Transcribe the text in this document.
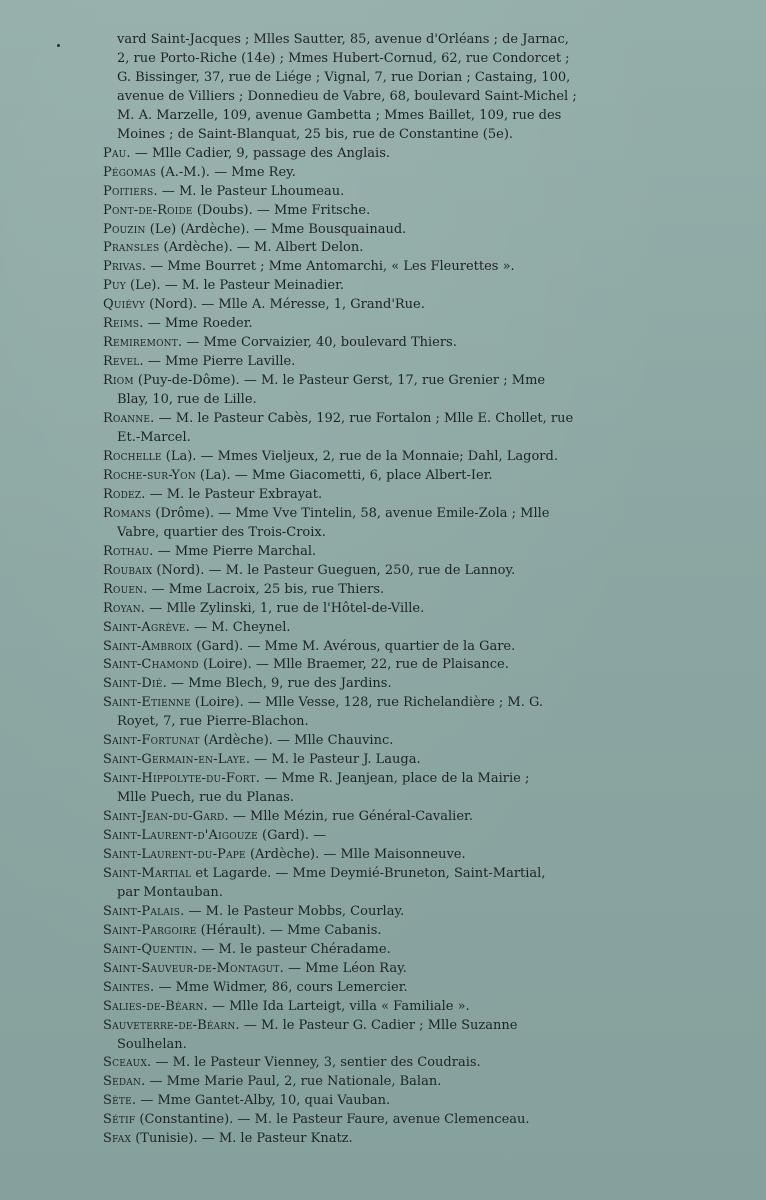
vard Saint-Jacques ; Mlles Sautter, 85, avenue d'Orléans ; de Jarnac,
2, rue Porto-Riche (14e) ; Mmes Hubert-Cornud, 62, rue Condorcet ;
G. Bissinger, 37, rue de Liége ; Vignal, 7, rue Dorian ; Castaing, 100,
avenue de Villiers ; Donnedieu de Vabre, 68, boulevard Saint-Michel ;
M. A. Marzelle, 109, avenue Gambetta ; Mmes Baillet, 109, rue des
Moines ; de Saint-Blanquat, 25 bis, rue de Constantine (5e).
Pau. — Mlle Cadier, 9, passage des Anglais.
Pégomas (A.-M.). — Mme Rey.
Poitiers. — M. le Pasteur Lhoumeau.
Pont-de-Roide (Doubs). — Mme Fritsche.
Pouzin (Le) (Ardèche). — Mme Bousquainaud.
Pransles (Ardèche). — M. Albert Delon.
Privas. — Mme Bourret ; Mme Antomarchi, « Les Fleurettes ».
Puy (Le). — M. le Pasteur Meinadier.
Quiévy (Nord). — Mlle A. Méresse, 1, Grand'Rue.
Reims. — Mme Roeder.
Remiremont. — Mme Corvaizier, 40, boulevard Thiers.
Revel. — Mme Pierre Laville.
Riom (Puy-de-Dôme). — M. le Pasteur Gerst, 17, rue Grenier ; Mme
Blay, 10, rue de Lille.
Roanne. — M. le Pasteur Cabès, 192, rue Fortalon ; Mlle E. Chollet, rue
Et.-Marcel.
Rochelle (La). — Mmes Vieljeux, 2, rue de la Monnaie; Dahl, Lagord.
Roche-sur-Yon (La). — Mme Giacometti, 6, place Albert-Ier.
Rodez. — M. le Pasteur Exbrayat.
Romans (Drôme). — Mme Vve Tintelin, 58, avenue Emile-Zola ; Mlle
Vabre, quartier des Trois-Croix.
Rothau. — Mme Pierre Marchal.
Roubaix (Nord). — M. le Pasteur Gueguen, 250, rue de Lannoy.
Rouen. — Mme Lacroix, 25 bis, rue Thiers.
Royan. — Mlle Zylinski, 1, rue de l'Hôtel-de-Ville.
Saint-Agrève. — M. Cheynel.
Saint-Ambroix (Gard). — Mme M. Avérous, quartier de la Gare.
Saint-Chamond (Loire). — Mlle Braemer, 22, rue de Plaisance.
Saint-Dié. — Mme Blech, 9, rue des Jardins.
Saint-Etienne (Loire). — Mlle Vesse, 128, rue Richelandière ; M. G.
Royet, 7, rue Pierre-Blachon.
Saint-Fortunat (Ardèche). — Mlle Chauvinc.
Saint-Germain-en-Laye. — M. le Pasteur J. Lauga.
Saint-Hippolyte-du-Fort. — Mme R. Jeanjean, place de la Mairie ;
Mlle Puech, rue du Planas.
Saint-Jean-du-Gard. — Mlle Mézin, rue Général-Cavalier.
Saint-Laurent-d'Aigouze (Gard). —
Saint-Laurent-du-Pape (Ardèche). — Mlle Maisonneuve.
Saint-Martial et Lagarde. — Mme Deymié-Bruneton, Saint-Martial,
par Montauban.
Saint-Palais. — M. le Pasteur Mobbs, Courlay.
Saint-Pargoire (Hérault). — Mme Cabanis.
Saint-Quentin. — M. le pasteur Chéradame.
Saint-Sauveur-de-Montagut. — Mme Léon Ray.
Saintes. — Mme Widmer, 86, cours Lemercier.
Salies-de-Béarn. — Mlle Ida Larteigt, villa « Familiale ».
Sauveterre-de-Béarn. — M. le Pasteur G. Cadier ; Mlle Suzanne
Soulhelan.
Sceaux. — M. le Pasteur Vienney, 3, sentier des Coudrais.
Sedan. — Mme Marie Paul, 2, rue Nationale, Balan.
Sète. — Mme Gantet-Alby, 10, quai Vauban.
Sétif (Constantine). — M. le Pasteur Faure, avenue Clemenceau.
Sfax (Tunisie). — M. le Pasteur Knatz.
